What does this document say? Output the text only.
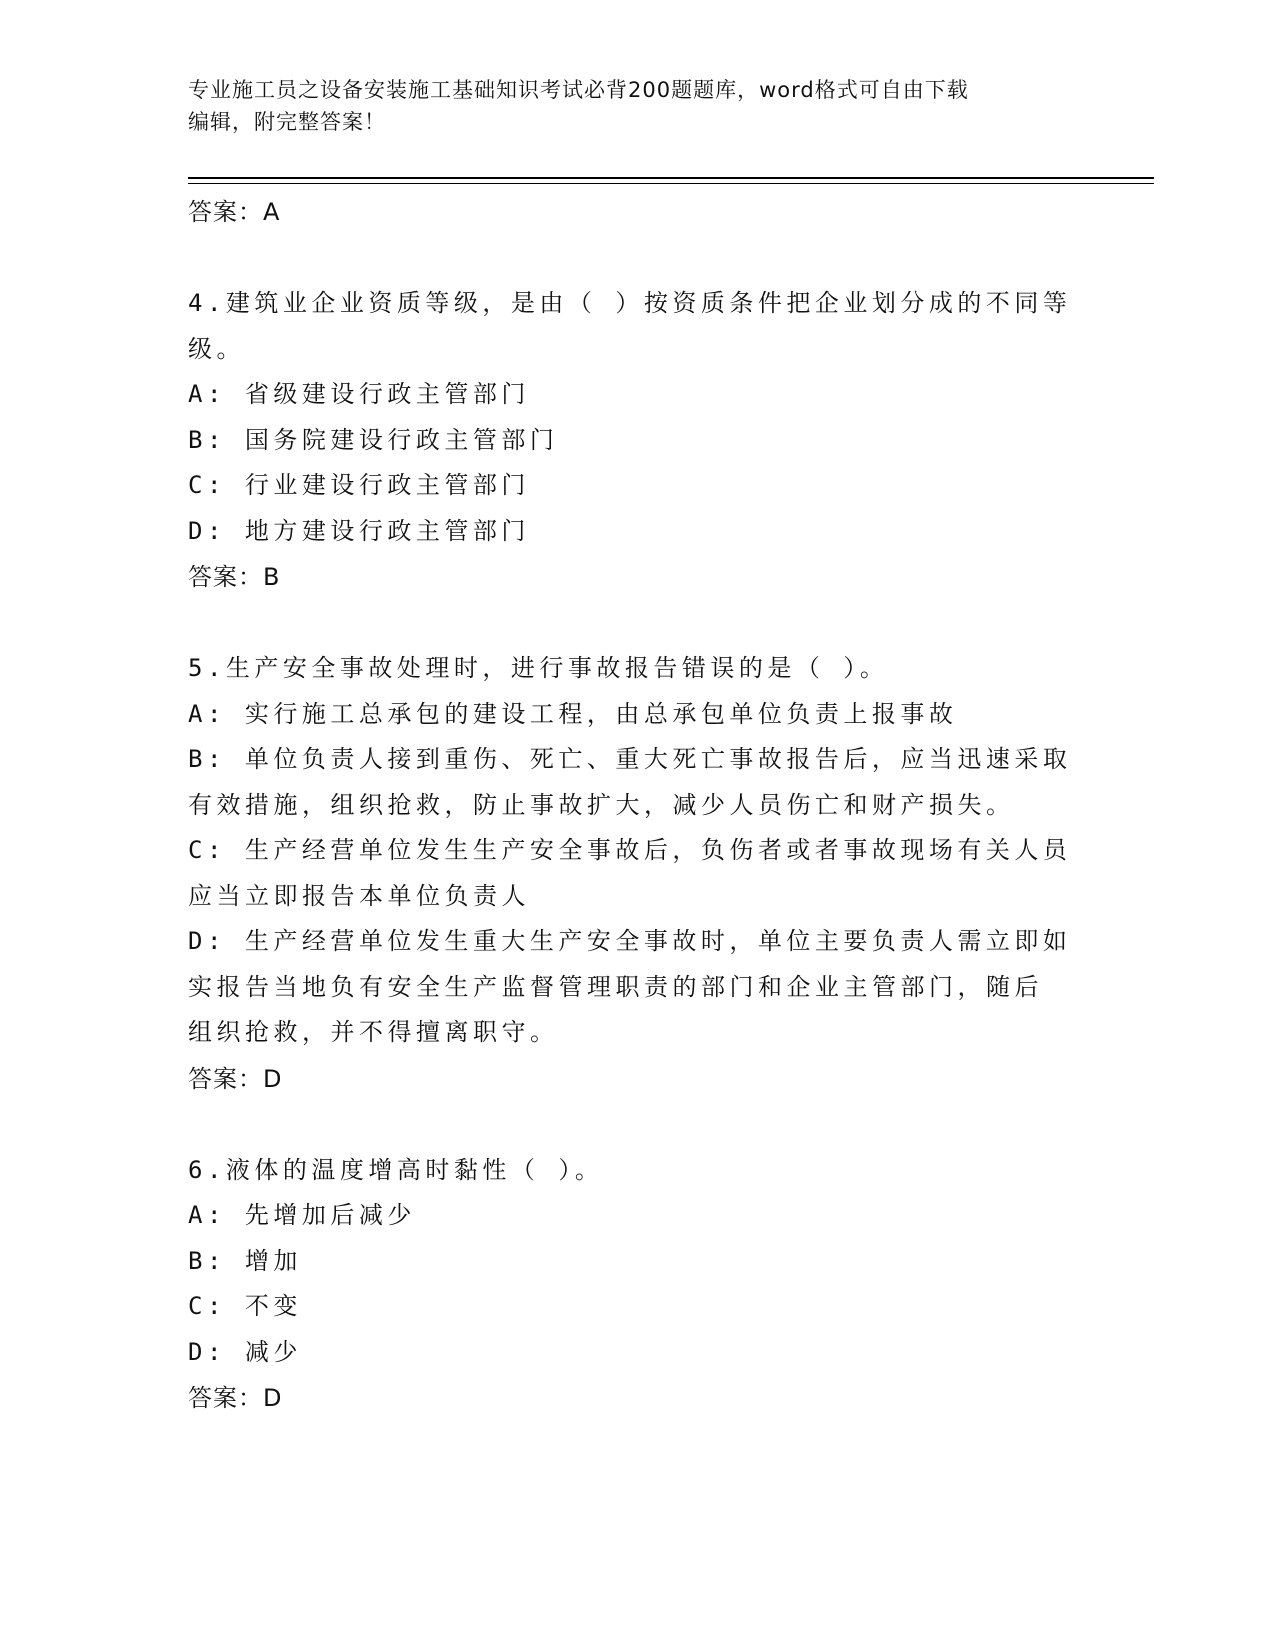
专业施工员之设备安装施工基础知识考试必背200题题库，word格式可自由下载
编辑，附完整答案！
答案：A
4.建筑业企业资质等级，是由（ ）按资质条件把企业划分成的不同等
级。
A: 省级建设行政主管部门
B: 国务院建设行政主管部门
C: 行业建设行政主管部门
D: 地方建设行政主管部门
答案：B
5.生产安全事故处理时，进行事故报告错误的是（ ）。
A: 实行施工总承包的建设工程，由总承包单位负责上报事故
B: 单位负责人接到重伤、死亡、重大死亡事故报告后，应当迅速采取
有效措施，组织抢救，防止事故扩大，减少人员伤亡和财产损失。
C: 生产经营单位发生生产安全事故后，负伤者或者事故现场有关人员
应当立即报告本单位负责人
D: 生产经营单位发生重大生产安全事故时，单位主要负责人需立即如
实报告当地负有安全生产监督管理职责的部门和企业主管部门，随后
组织抢救，并不得擅离职守。
答案：D
6.液体的温度增高时黏性（ ）。
A: 先增加后减少
B: 增加
C: 不变
D: 减少
答案：D
